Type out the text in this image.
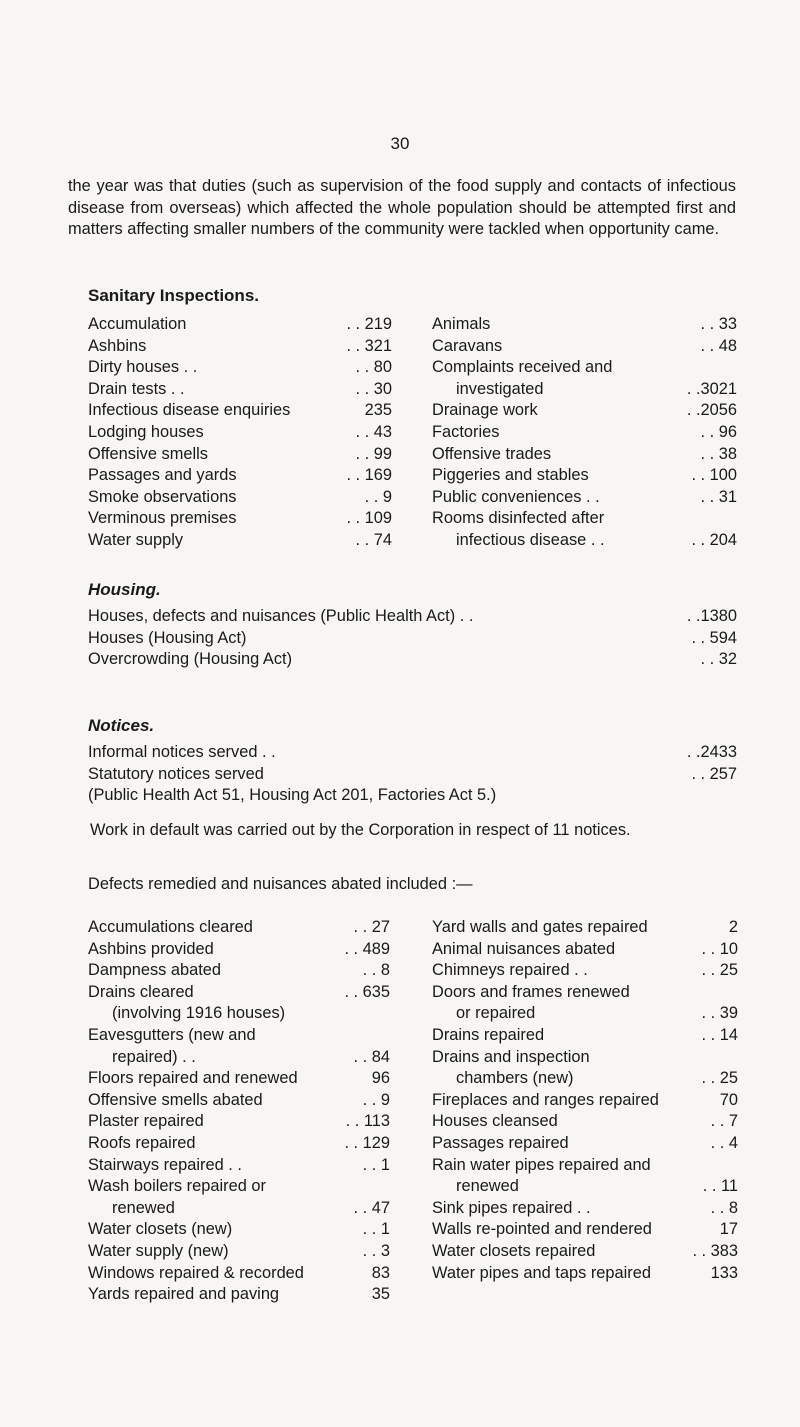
30
the year was that duties (such as supervision of the food supply and contacts of infectious disease from overseas) which affected the whole population should be attempted first and matters affecting smaller numbers of the community were tackled when opportunity came.
Sanitary Inspections.
Accumulation	. . 219
Ashbins	. . 321
Dirty houses . .	. . 80
Drain tests . .	. . 30
Infectious disease enquiries	235
Lodging houses	. . 43
Offensive smells	. . 99
Passages and yards	. . 169
Smoke observations	. . 9
Verminous premises	. . 109
Water supply	. . 74
Animals	. . 33
Caravans	. . 48
Complaints received and
investigated	. .3021
Drainage work	. .2056
Factories	. . 96
Offensive trades	. . 38
Piggeries and stables	. . 100
Public conveniences . .	. . 31
Rooms disinfected after
infectious disease . .	. . 204
Housing.
Houses, defects and nuisances (Public Health Act) . .	. .1380
Houses (Housing Act)	. . 594
Overcrowding (Housing Act)	. . 32
Notices.
Informal notices served . .	. .2433
Statutory notices served	. . 257
(Public Health Act 51, Housing Act 201, Factories Act 5.)
Work in default was carried out by the Corporation in respect of 11 notices.
Defects remedied and nuisances abated included :—
Accumulations cleared	. . 27
Ashbins provided	. . 489
Dampness abated	. . 8
Drains cleared	. . 635
(involving 1916 houses)
Eavesgutters (new and
repaired) . .	. . 84
Floors repaired and renewed	96
Offensive smells abated	. . 9
Plaster repaired	. . 113
Roofs repaired	. . 129
Stairways repaired . .	. . 1
Wash boilers repaired or
renewed	. . 47
Water closets (new)	. . 1
Water supply (new)	. . 3
Windows repaired & recorded	83
Yards repaired and paving	35
Yard walls and gates repaired	2
Animal nuisances abated	. . 10
Chimneys repaired . .	. . 25
Doors and frames renewed
or repaired	. . 39
Drains repaired	. . 14
Drains and inspection
chambers (new)	. . 25
Fireplaces and ranges repaired	70
Houses cleansed	. . 7
Passages repaired	. . 4
Rain water pipes repaired and
renewed	. . 11
Sink pipes repaired . .	. . 8
Walls re-pointed and rendered	17
Water closets repaired	. . 383
Water pipes and taps repaired	133
